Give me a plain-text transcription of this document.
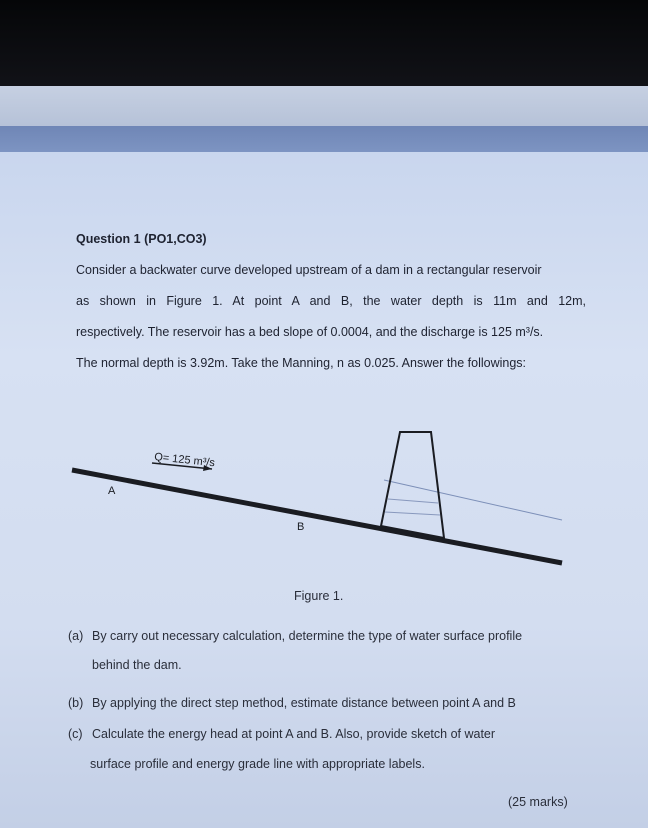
Question 1 (PO1,CO3)
Consider a backwater curve developed upstream of a dam in a rectangular reservoir
as shown in Figure 1. At point A and B, the water depth is 11m and 12m,
respectively. The reservoir has a bed slope of 0.0004, and the discharge is 125 m³/s.
The normal depth is 3.92m. Take the Manning, n as 0.025. Answer the followings:
Q= 125 m³/s
A
B
Figure 1.
(a) By carry out necessary calculation, determine the type of water surface profile
behind the dam.
(b) By applying the direct step method, estimate distance between point A and B
(c) Calculate the energy head at point A and B. Also, provide sketch of water
surface profile and energy grade line with appropriate labels.
(25 marks)
